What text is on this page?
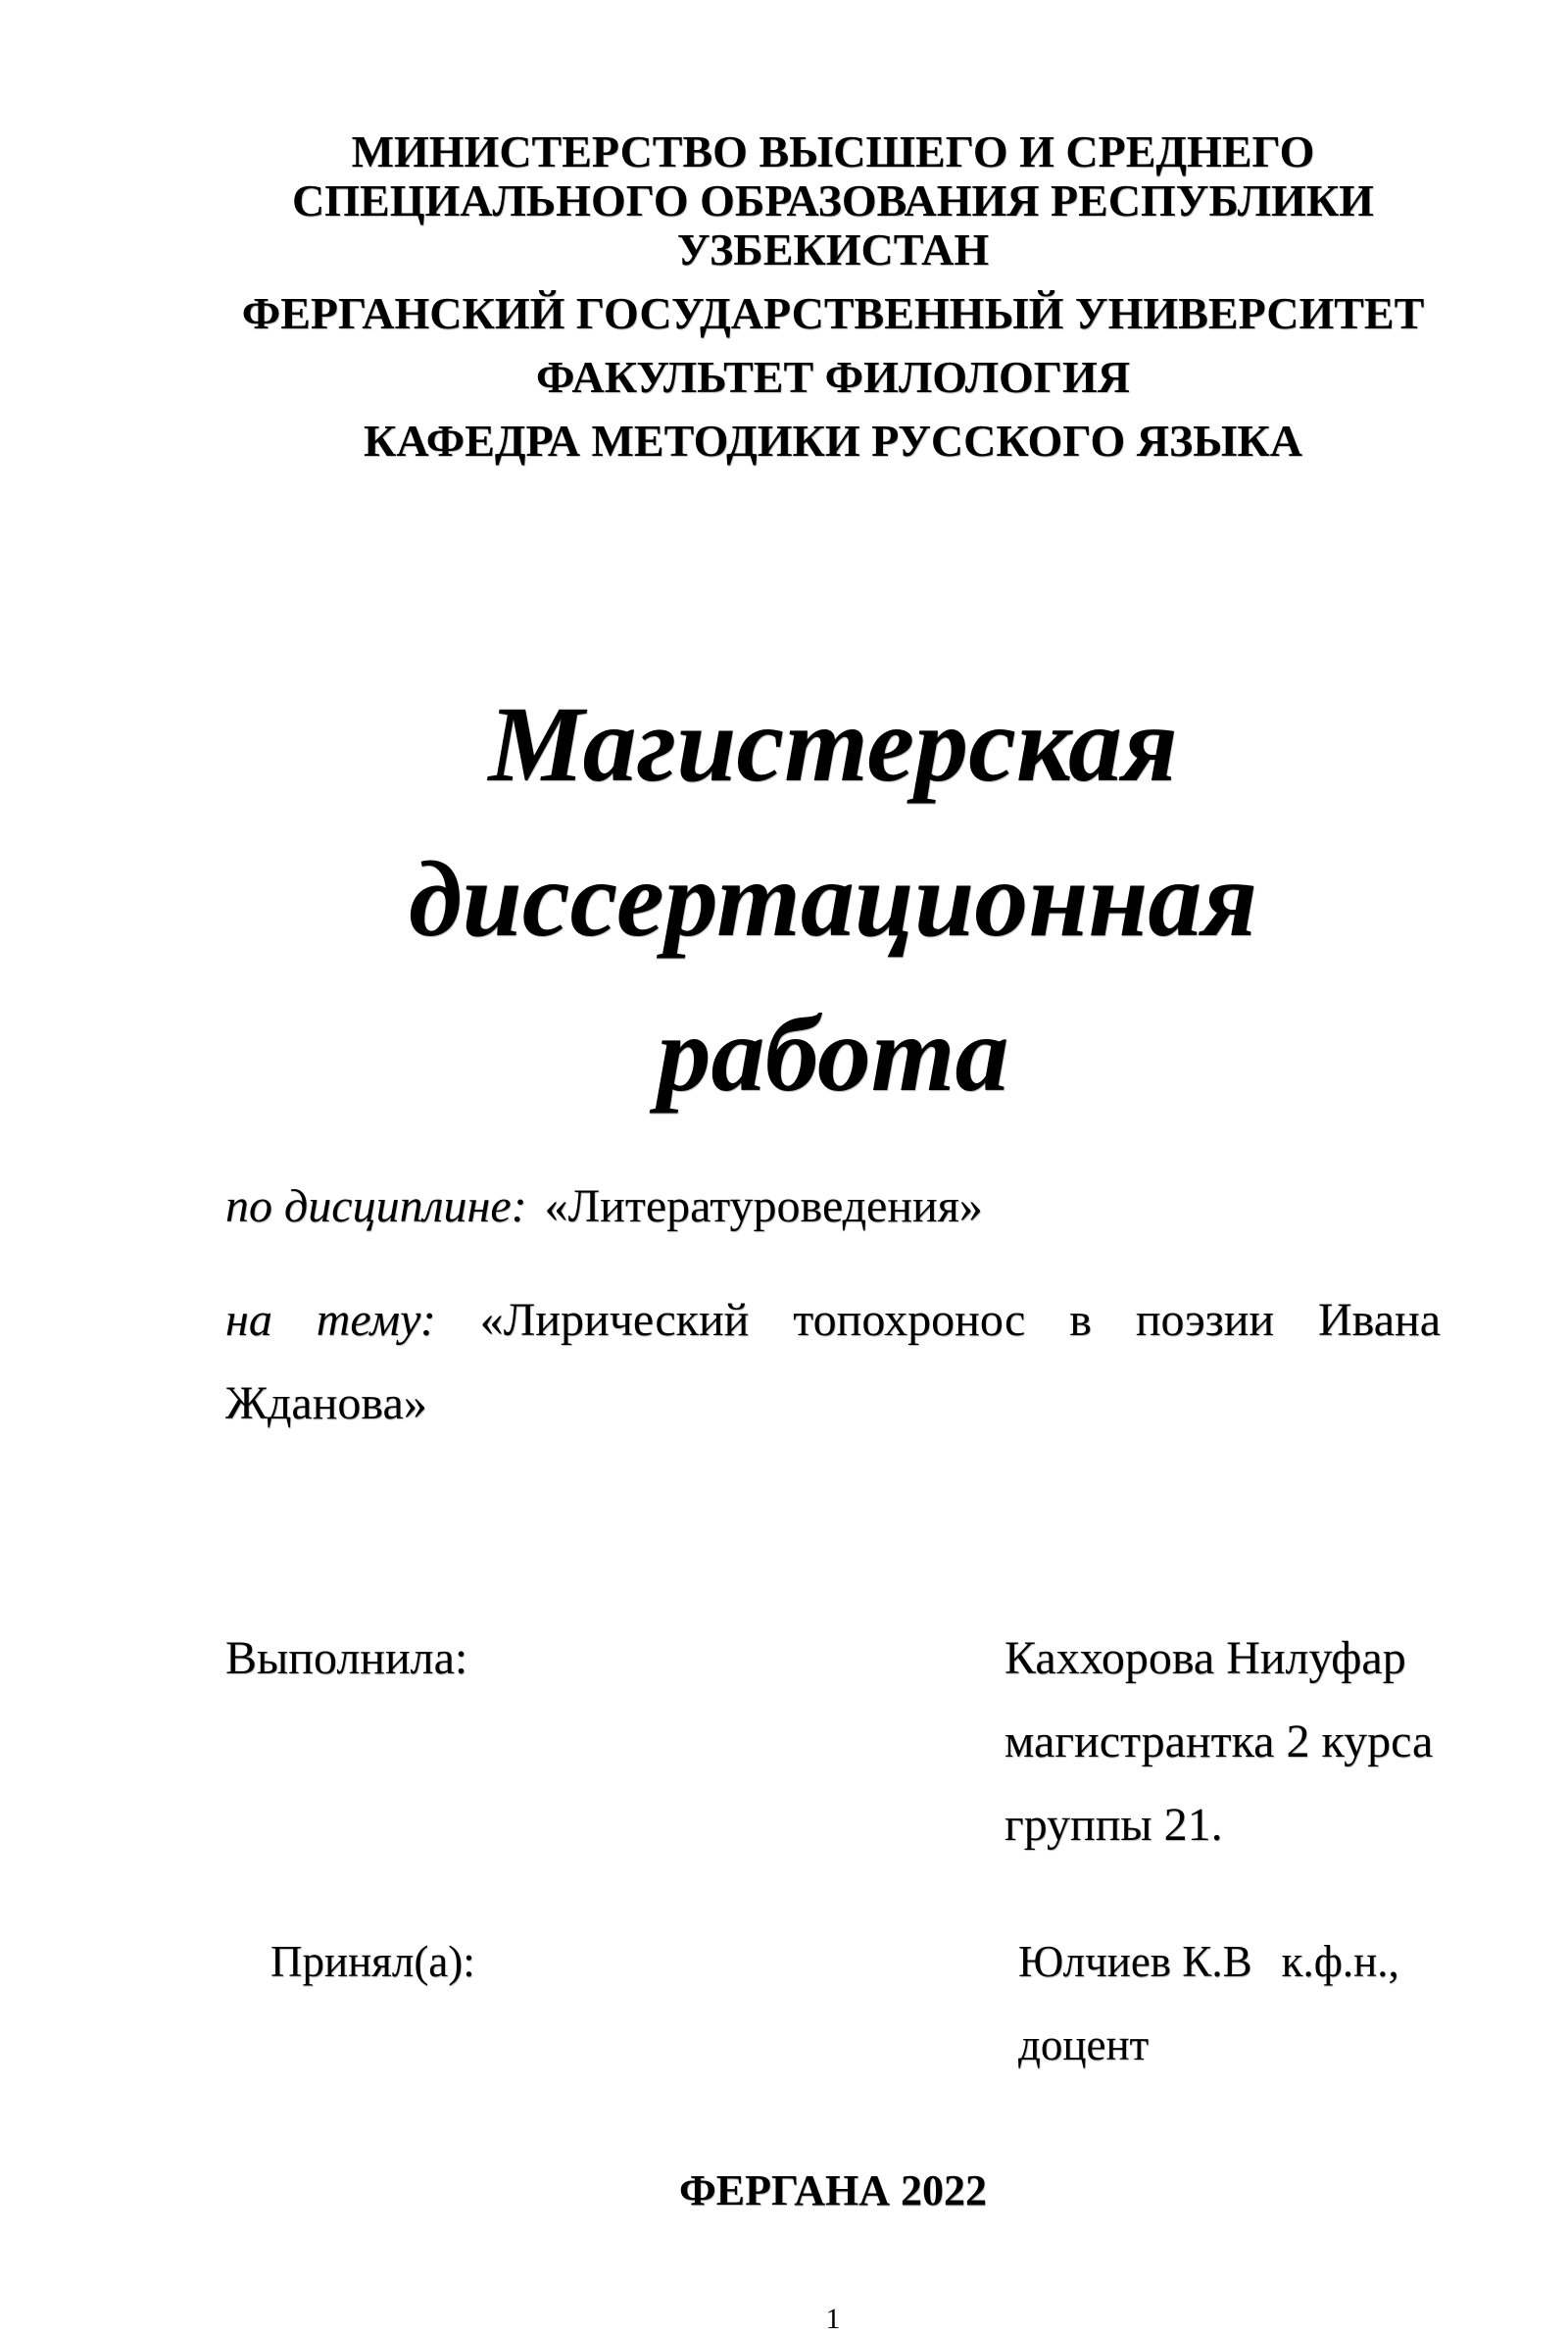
МИНИСТЕРСТВО ВЫСШЕГО И СРЕДНЕГО СПЕЦИАЛЬНОГО ОБРАЗОВАНИЯ РЕСПУБЛИКИ УЗБЕКИСТАН

ФЕРГАНСКИЙ ГОСУДАРСТВЕННЫЙ УНИВЕРСИТЕТ

ФАКУЛЬТЕТ ФИЛОЛОГИЯ

КАФЕДРА МЕТОДИКИ РУССКОГО ЯЗЫКА

Магистерская
диссертационная работа

по дисциплине: «Литературоведения»

на тему: «Лирический топохронос в поэзии Ивана

Жданова»

Выполнила:	Каххорова Нилуфар

магистрантка 2 курса

группы 21.

Принял(а):	Юлчиев К.В к.ф.н., доцент

ФЕРГАНА 2022

1
